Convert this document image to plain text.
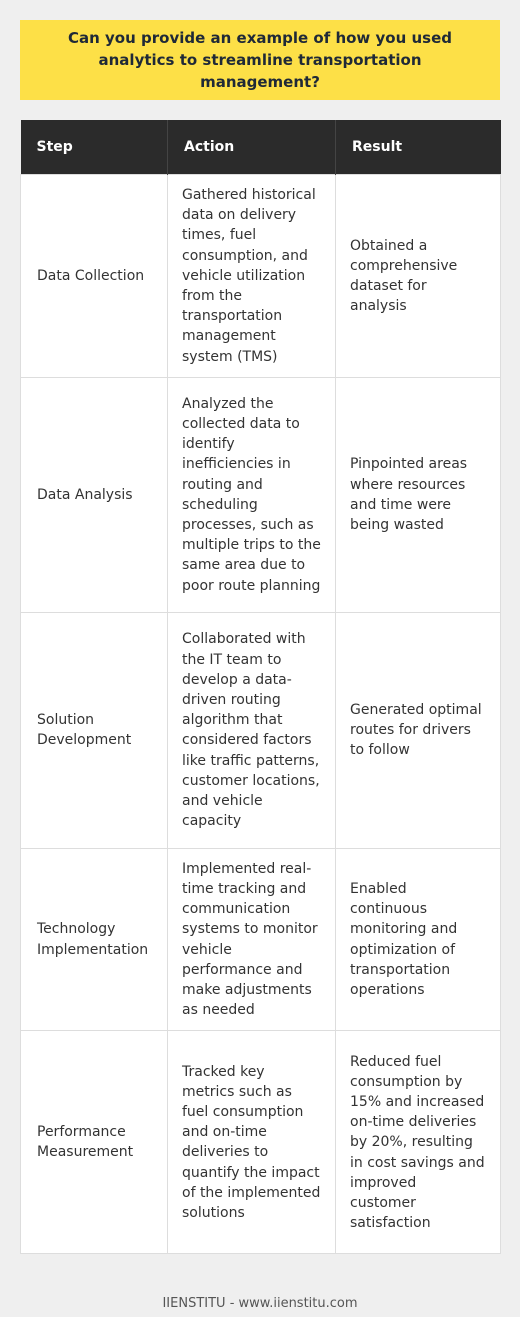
Can you provide an example of how you used analytics to streamline transportation management?
Step	Action	Result
Data Collection	Gathered historical data on delivery times, fuel consumption, and vehicle utilization from the transportation management system (TMS)	Obtained a comprehensive dataset for analysis
Data Analysis	Analyzed the collected data to identify inefficiencies in routing and scheduling processes, such as multiple trips to the same area due to poor route planning	Pinpointed areas where resources and time were being wasted
Solution Development	Collaborated with the IT team to develop a data-driven routing algorithm that considered factors like traffic patterns, customer locations, and vehicle capacity	Generated optimal routes for drivers to follow
Technology Implementation	Implemented real-time tracking and communication systems to monitor vehicle performance and make adjustments as needed	Enabled continuous monitoring and optimization of transportation operations
Performance Measurement	Tracked key metrics such as fuel consumption and on-time deliveries to quantify the impact of the implemented solutions	Reduced fuel consumption by 15% and increased on-time deliveries by 20%, resulting in cost savings and improved customer satisfaction
IIENSTITU - www.iienstitu.com
